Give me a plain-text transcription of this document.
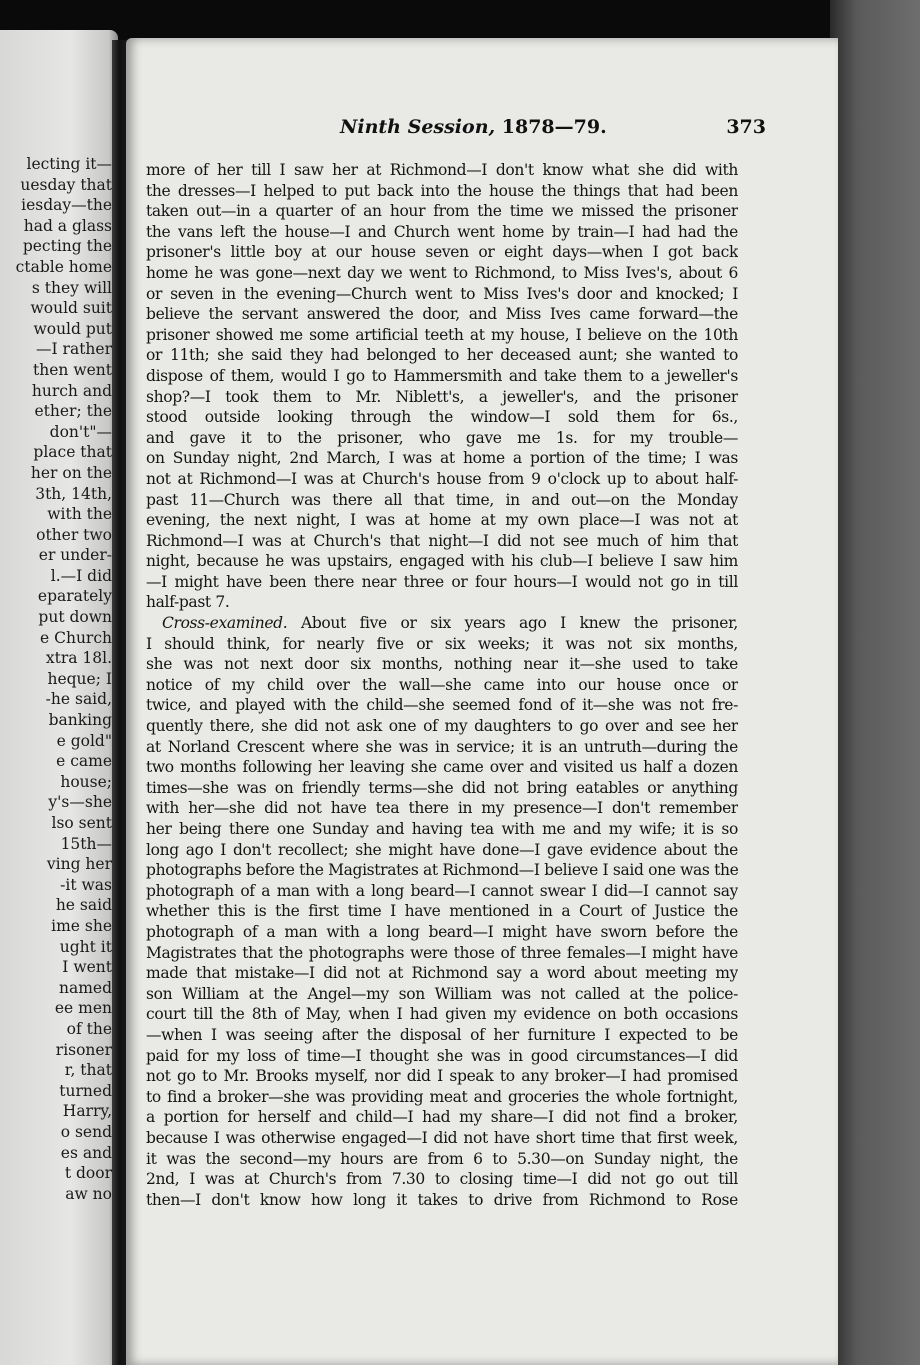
lecting it—
uesday that
iesday—the
had a glass
pecting the
ctable home
s they will
would suit
would put
—I rather
then went
hurch and
ether; the
don't"—
place that
her on the
3th, 14th,
with the
other two
er under-
l.—I did
eparately
put down
e Church
xtra 18l.
heque; I
-he said,
banking
e gold"
e came
house;
y's—she
lso sent
15th—
ving her
-it was
he said
ime she
ught it
I went
named
ee men
of the
risoner
r, that
turned
Harry,
o send
es and
t door
aw no
Ninth Session, 1878—79.	373
more of her till I saw her at Richmond—I don't know what she did with
the dresses—I helped to put back into the house the things that had been
taken out—in a quarter of an hour from the time we missed the prisoner
the vans left the house—I and Church went home by train—I had had the
prisoner's little boy at our house seven or eight days—when I got back
home he was gone—next day we went to Richmond, to Miss Ives's, about 6
or seven in the evening—Church went to Miss Ives's door and knocked; I
believe the servant answered the door, and Miss Ives came forward—the
prisoner showed me some artificial teeth at my house, I believe on the 10th
or 11th; she said they had belonged to her deceased aunt; she wanted to
dispose of them, would I go to Hammersmith and take them to a jeweller's
shop?—I took them to Mr. Niblett's, a jeweller's, and the prisoner
stood outside looking through the window—I sold them for 6s.,
and gave it to the prisoner, who gave me 1s. for my trouble—
on Sunday night, 2nd March, I was at home a portion of the time; I was
not at Richmond—I was at Church's house from 9 o'clock up to about half-
past 11—Church was there all that time, in and out—on the Monday
evening, the next night, I was at home at my own place—I was not at
Richmond—I was at Church's that night—I did not see much of him that
night, because he was upstairs, engaged with his club—I believe I saw him
—I might have been there near three or four hours—I would not go in till
half-past 7.
Cross-examined. About five or six years ago I knew the prisoner,
I should think, for nearly five or six weeks; it was not six months,
she was not next door six months, nothing near it—she used to take
notice of my child over the wall—she came into our house once or
twice, and played with the child—she seemed fond of it—she was not fre-
quently there, she did not ask one of my daughters to go over and see her
at Norland Crescent where she was in service; it is an untruth—during the
two months following her leaving she came over and visited us half a dozen
times—she was on friendly terms—she did not bring eatables or anything
with her—she did not have tea there in my presence—I don't remember
her being there one Sunday and having tea with me and my wife; it is so
long ago I don't recollect; she might have done—I gave evidence about the
photographs before the Magistrates at Richmond—I believe I said one was the
photograph of a man with a long beard—I cannot swear I did—I cannot say
whether this is the first time I have mentioned in a Court of Justice the
photograph of a man with a long beard—I might have sworn before the
Magistrates that the photographs were those of three females—I might have
made that mistake—I did not at Richmond say a word about meeting my
son William at the Angel—my son William was not called at the police-
court till the 8th of May, when I had given my evidence on both occasions
—when I was seeing after the disposal of her furniture I expected to be
paid for my loss of time—I thought she was in good circumstances—I did
not go to Mr. Brooks myself, nor did I speak to any broker—I had promised
to find a broker—she was providing meat and groceries the whole fortnight,
a portion for herself and child—I had my share—I did not find a broker,
because I was otherwise engaged—I did not have short time that first week,
it was the second—my hours are from 6 to 5.30—on Sunday night, the
2nd, I was at Church's from 7.30 to closing time—I did not go out till
then—I don't know how long it takes to drive from Richmond to Rose
